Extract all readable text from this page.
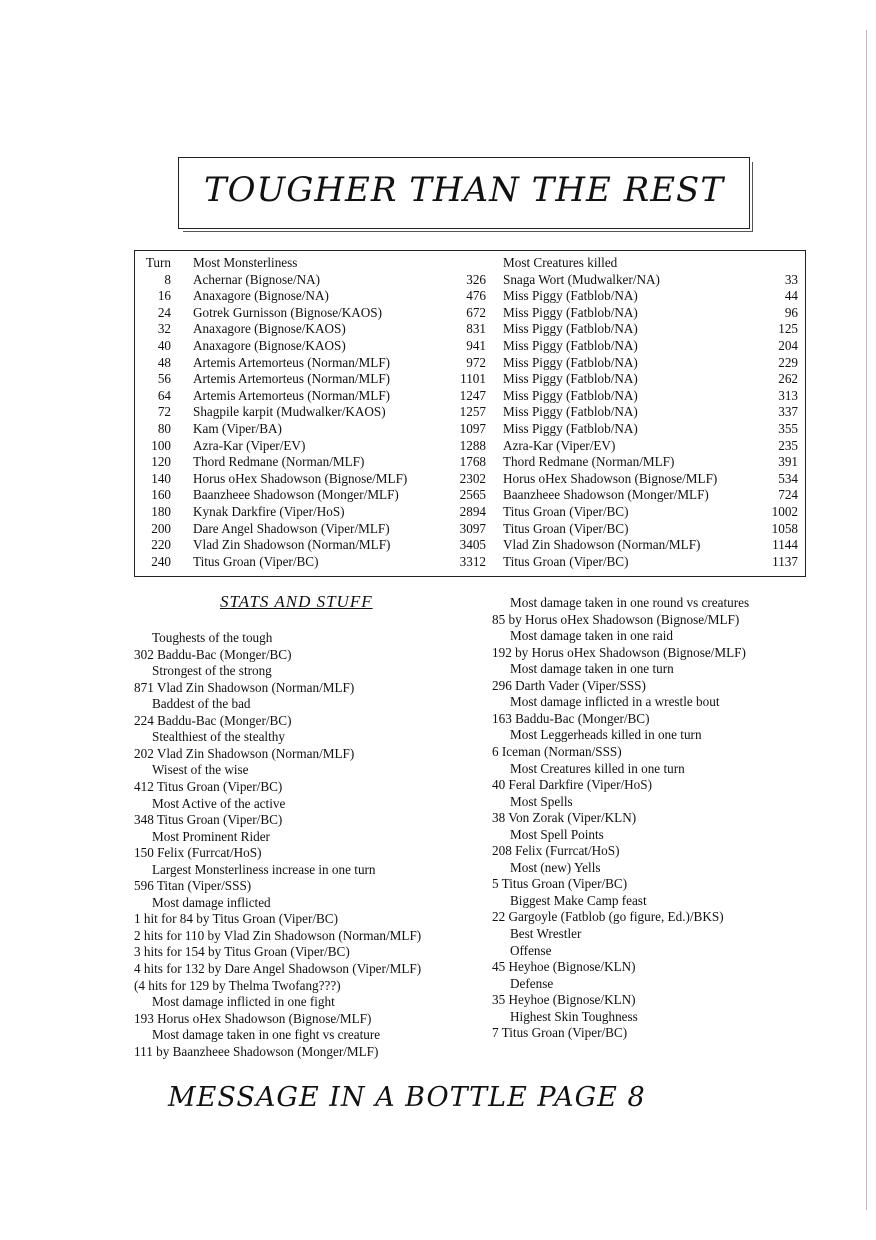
TOUGHER THAN THE REST
Turn Most Monsterliness	Most Creatures killed
8 Achernar (Bignose/NA)	326 Snaga Wort (Mudwalker/NA)	33
16 Anaxagore (Bignose/NA)	476 Miss Piggy (Fatblob/NA)	44
24 Gotrek Gurnisson (Bignose/KAOS)	672 Miss Piggy (Fatblob/NA)	96
32 Anaxagore (Bignose/KAOS)	831 Miss Piggy (Fatblob/NA)	125
40 Anaxagore (Bignose/KAOS)	941 Miss Piggy (Fatblob/NA)	204
48 Artemis Artemorteus (Norman/MLF)	972 Miss Piggy (Fatblob/NA)	229
56 Artemis Artemorteus (Norman/MLF)	1101 Miss Piggy (Fatblob/NA)	262
64 Artemis Artemorteus (Norman/MLF)	1247 Miss Piggy (Fatblob/NA)	313
72 Shagpile karpit (Mudwalker/KAOS)	1257 Miss Piggy (Fatblob/NA)	337
80 Kam (Viper/BA)	1097 Miss Piggy (Fatblob/NA)	355
100 Azra-Kar (Viper/EV)	1288 Azra-Kar (Viper/EV)	235
120 Thord Redmane (Norman/MLF)	1768 Thord Redmane (Norman/MLF)	391
140 Horus oHex Shadowson (Bignose/MLF)	2302 Horus oHex Shadowson (Bignose/MLF)	534
160 Baanzheee Shadowson (Monger/MLF)	2565 Baanzheee Shadowson (Monger/MLF)	724
180 Kynak Darkfire (Viper/HoS)	2894 Titus Groan (Viper/BC)	1002
200 Dare Angel Shadowson (Viper/MLF)	3097 Titus Groan (Viper/BC)	1058
220 Vlad Zin Shadowson (Norman/MLF)	3405 Vlad Zin Shadowson (Norman/MLF)	1144
240 Titus Groan (Viper/BC)	3312 Titus Groan (Viper/BC)	1137
STATS AND STUFF
Toughests of the tough
302 Baddu-Bac (Monger/BC)
Strongest of the strong
871 Vlad Zin Shadowson (Norman/MLF)
Baddest of the bad
224 Baddu-Bac (Monger/BC)
Stealthiest of the stealthy
202 Vlad Zin Shadowson (Norman/MLF)
Wisest of the wise
412 Titus Groan (Viper/BC)
Most Active of the active
348 Titus Groan (Viper/BC)
Most Prominent Rider
150 Felix (Furrcat/HoS)
Largest Monsterliness increase in one turn
596 Titan (Viper/SSS)
Most damage inflicted
1 hit for 84 by Titus Groan (Viper/BC)
2 hits for 110 by Vlad Zin Shadowson (Norman/MLF)
3 hits for 154 by Titus Groan (Viper/BC)
4 hits for 132 by Dare Angel Shadowson (Viper/MLF)
(4 hits for 129 by Thelma Twofang???)
Most damage inflicted in one fight
193 Horus oHex Shadowson (Bignose/MLF)
Most damage taken in one fight vs creature
111 by Baanzheee Shadowson (Monger/MLF)
Most damage taken in one round vs creatures
85 by Horus oHex Shadowson (Bignose/MLF)
Most damage taken in one raid
192 by Horus oHex Shadowson (Bignose/MLF)
Most damage taken in one turn
296 Darth Vader (Viper/SSS)
Most damage inflicted in a wrestle bout
163 Baddu-Bac (Monger/BC)
Most Leggerheads killed in one turn
6 Iceman (Norman/SSS)
Most Creatures killed in one turn
40 Feral Darkfire (Viper/HoS)
Most Spells
38 Von Zorak (Viper/KLN)
Most Spell Points
208 Felix (Furrcat/HoS)
Most (new) Yells
5 Titus Groan (Viper/BC)
Biggest Make Camp feast
22 Gargoyle (Fatblob (go figure, Ed.)/BKS)
Best Wrestler
Offense
45 Heyhoe (Bignose/KLN)
Defense
35 Heyhoe (Bignose/KLN)
Highest Skin Toughness
7 Titus Groan (Viper/BC)
MESSAGE IN A BOTTLE PAGE 8
